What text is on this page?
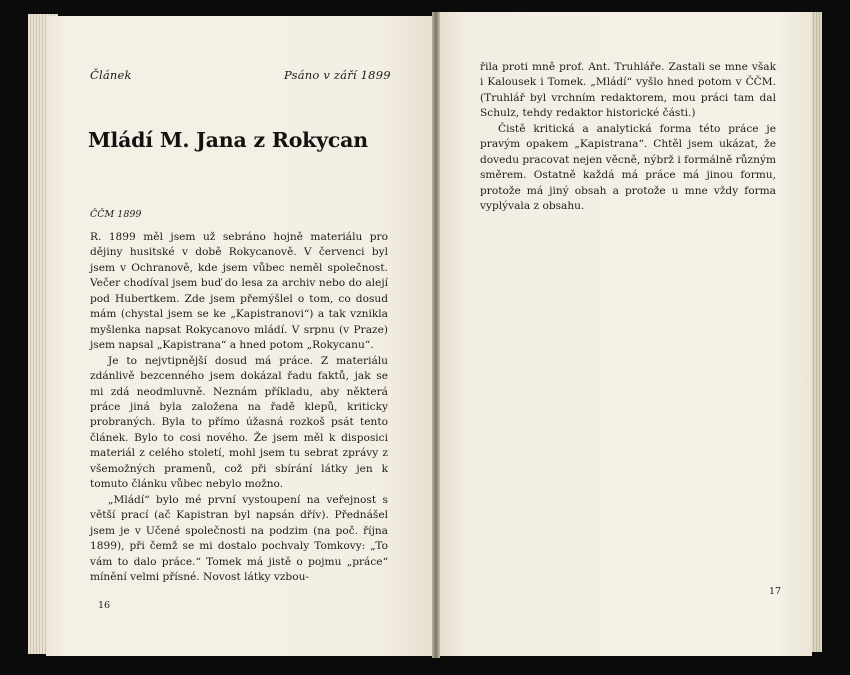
Článek	Psáno v září 1899
Mládí M. Jana z Rokycan
ČČM 1899

R. 1899 měl jsem už sebráno hojně materiálu pro dějiny husitské v době Rokycanově. V červenci byl jsem v Ochranově, kde jsem vůbec neměl společnost. Večer chodíval jsem buď do lesa za archiv nebo do alejí pod Hubertkem. Zde jsem přemýšlel o tom, co dosud mám (chystal jsem se ke „Kapistranovi“) a tak vznikla myšlenka napsat Rokycanovo mládí. V srpnu (v Praze) jsem napsal „Kapistrana“ a hned potom „Rokycanu“.

Je to nejvtipnější dosud má práce. Z materiálu zdánlivě bezcenného jsem dokázal řadu faktů, jak se mi zdá neodmluvně. Neznám příkladu, aby některá práce jiná byla založena na řadě klepů, kriticky probraných. Byla to přímo úžasná rozkoš psát tento článek. Bylo to cosi nového. Že jsem měl k disposici materiál z celého století, mohl jsem tu sebrat zprávy z všemožných pramenů, což při sbírání látky jen k tomuto článku vůbec nebylo možno.

„Mládí“ bylo mé první vystoupení na veřejnost s větší prací (ač Kapistran byl napsán dřív). Přednášel jsem je v Učené společnosti na podzim (na poč. října 1899), při čemž se mi dostalo pochvaly Tomkovy: „To vám to dalo práce.“ Tomek má jistě o pojmu „práce“ mínění velmi přísné. Novost látky vzbou-

16

řila proti mně prof. Ant. Truhláře. Zastali se mne však i Kalousek i Tomek. „Mládí“ vyšlo hned potom v ČČM. (Truhlář byl vrchním redaktorem, mou práci tam dal Schulz, tehdy redaktor historické části.)

Čistě kritická a analytická forma této práce je pravým opakem „Kapistrana“. Chtěl jsem ukázat, že dovedu pracovat nejen věcně, nýbrž i formálně různým směrem. Ostatně každá má práce má jinou formu, protože má jiný obsah a protože u mne vždy forma vyplývala z obsahu.

17
